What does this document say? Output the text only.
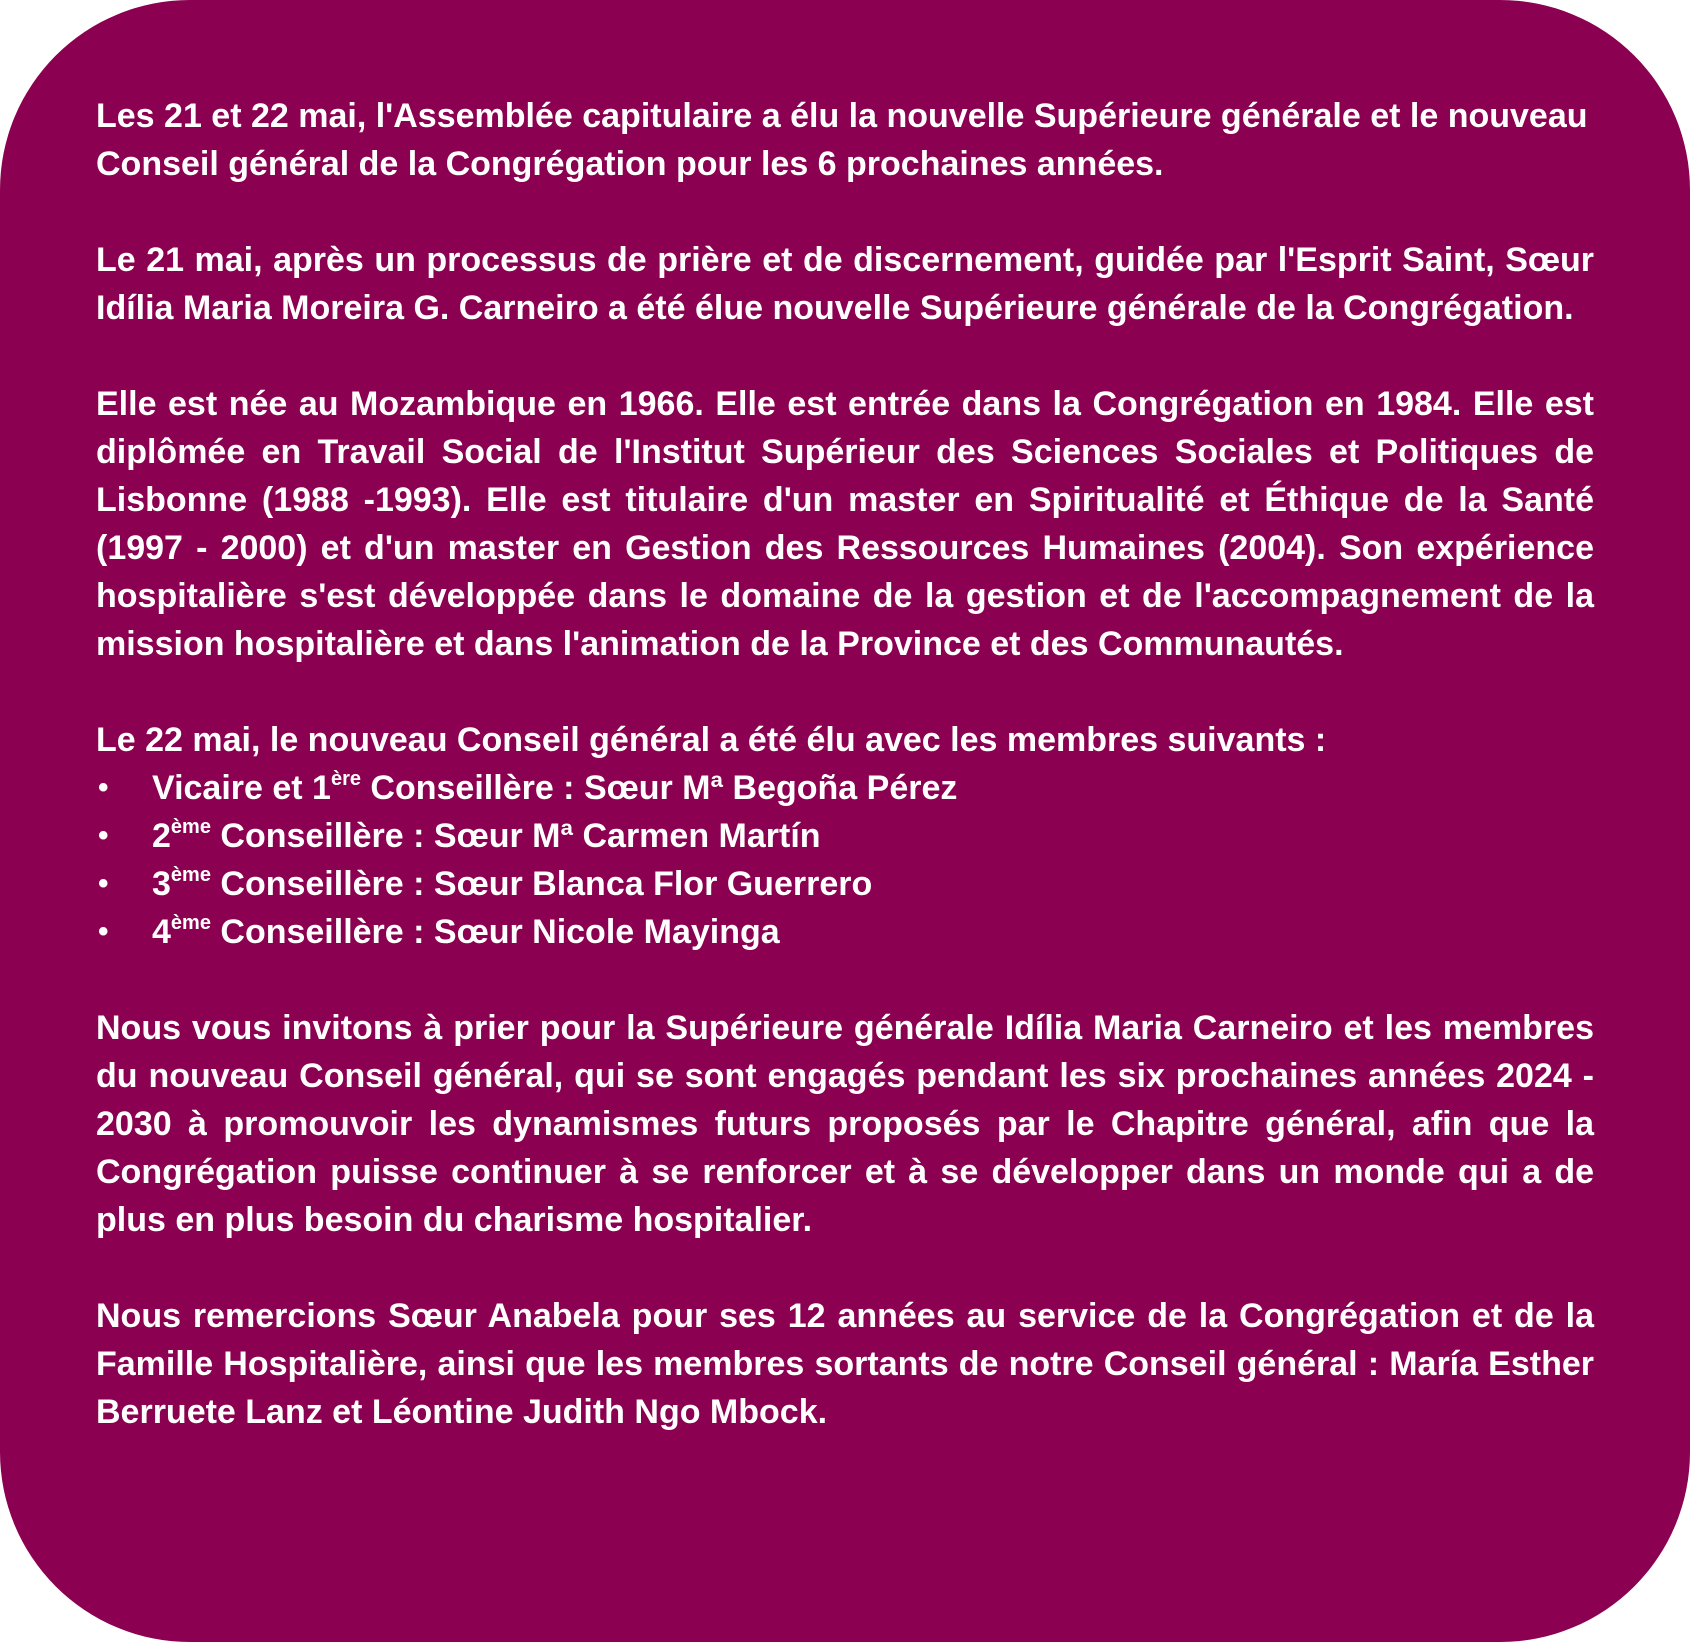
Les 21 et 22 mai, l'Assemblée capitulaire a élu la nouvelle Supérieure générale et le nouveau Conseil général de la Congrégation pour les 6 prochaines années.

Le 21 mai, après un processus de prière et de discernement, guidée par l'Esprit Saint, Sœur Idília Maria Moreira G. Carneiro a été élue nouvelle Supérieure générale de la Congrégation.

Elle est née au Mozambique en 1966. Elle est entrée dans la Congrégation en 1984. Elle est diplômée en Travail Social de l'Institut Supérieur des Sciences Sociales et Politiques de Lisbonne (1988 -1993). Elle est titulaire d'un master en Spiritualité et Éthique de la Santé (1997 - 2000) et d'un master en Gestion des Ressources Humaines (2004). Son expérience hospitalière s'est développée dans le domaine de la gestion et de l'accompagnement de la mission hospitalière et dans l'animation de la Province et des Communautés.

Le 22 mai, le nouveau Conseil général a été élu avec les membres suivants :

• Vicaire et 1ère Conseillère : Sœur Mª Begoña Pérez
• 2ème Conseillère : Sœur Mª Carmen Martín
• 3ème Conseillère : Sœur Blanca Flor Guerrero
• 4ème Conseillère : Sœur Nicole Mayinga

Nous vous invitons à prier pour la Supérieure générale Idília Maria Carneiro et les membres du nouveau Conseil général, qui se sont engagés pendant les six prochaines années 2024 - 2030 à promouvoir les dynamismes futurs proposés par le Chapitre général, afin que la Congrégation puisse continuer à se renforcer et à se développer dans un monde qui a de plus en plus besoin du charisme hospitalier.

Nous remercions Sœur Anabela pour ses 12 années au service de la Congrégation et de la Famille Hospitalière, ainsi que les membres sortants de notre Conseil général : María Esther Berruete Lanz et Léontine Judith Ngo Mbock.
